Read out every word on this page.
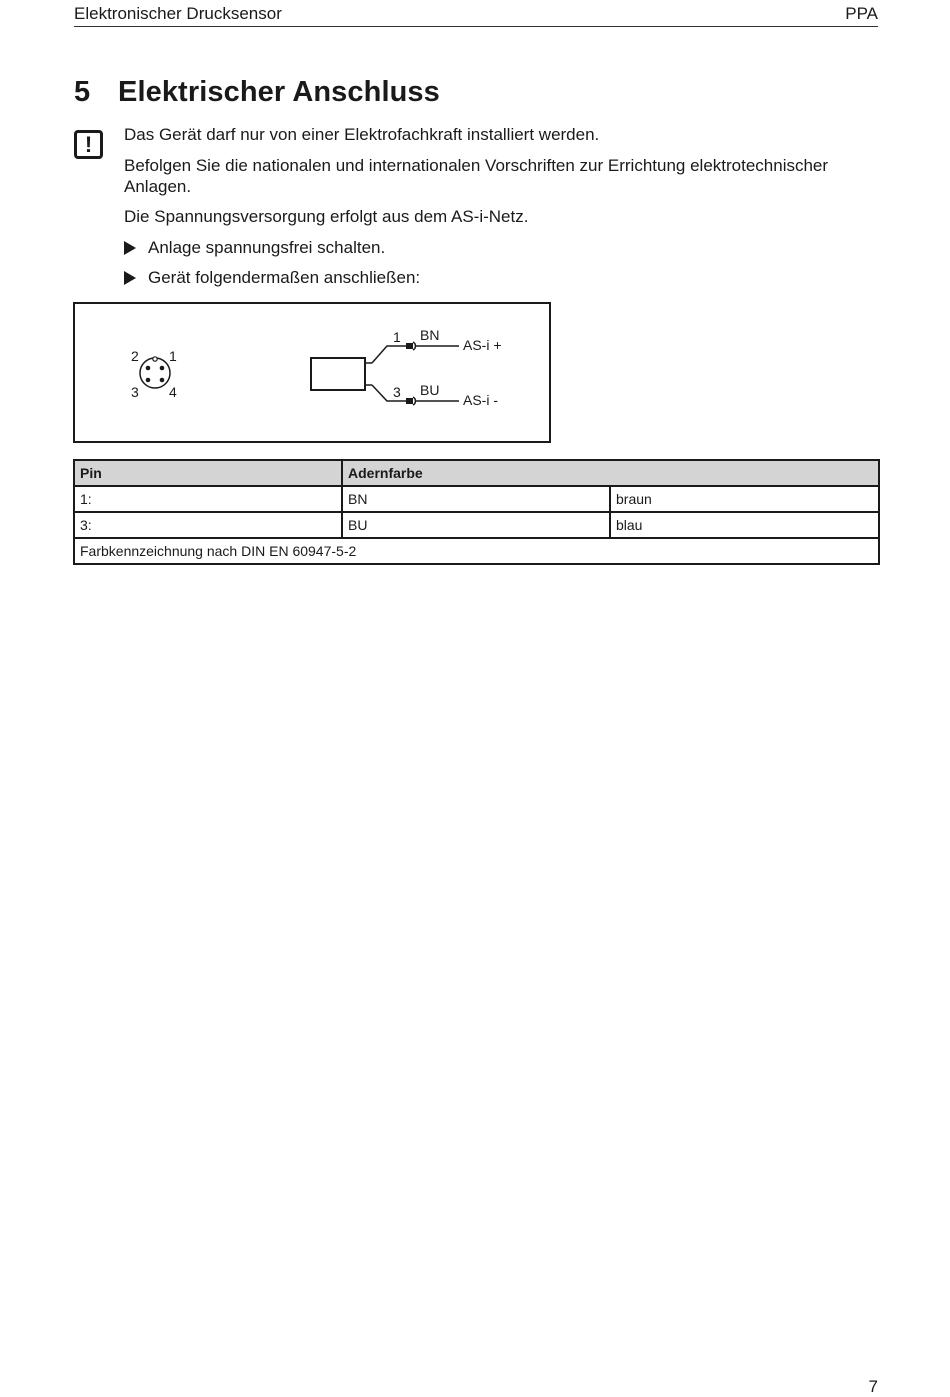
Elektronischer Drucksensor	PPA
5 Elektrischer Anschluss
!	Das Gerät darf nur von einer Elektrofachkraft installiert werden.

Befolgen Sie die nationalen und internationalen Vorschriften zur Errichtung elektrotechnischer Anlagen.

Die Spannungsversorgung erfolgt aus dem AS-i-Netz.

Anlage spannungsfrei schalten.
Gerät folgendermaßen anschließen:
2 1
3 4
1 BN
AS-i +
3 BU
AS-i -
Pin	Adernfarbe	
1:	BN	braun
3:	BU	blau
Farbkennzeichnung nach DIN EN 60947-5-2		
7
